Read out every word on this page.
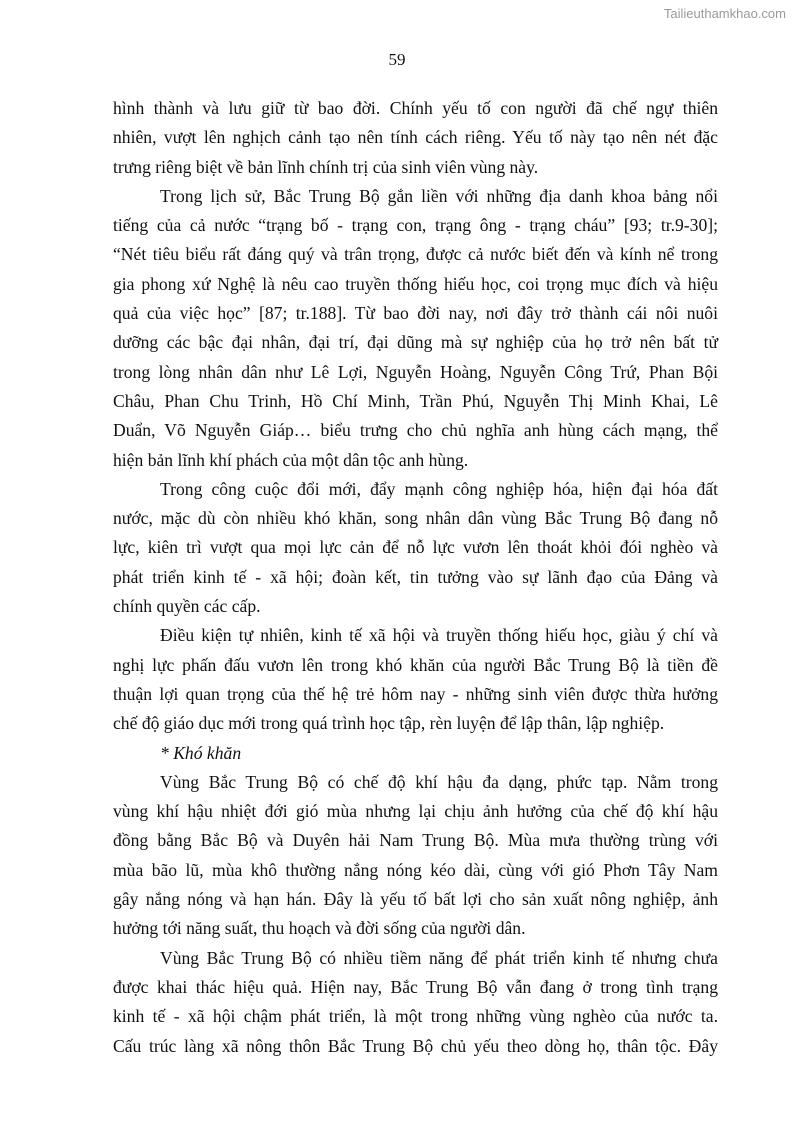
Tailieuthamkhao.com
59
hình thành và lưu giữ từ bao đời. Chính yếu tố con người đã chế ngự thiên
nhiên, vượt lên nghịch cảnh tạo nên tính cách riêng. Yếu tố này tạo nên nét đặc
trưng riêng biệt về bản lĩnh chính trị của sinh viên vùng này.
Trong lịch sử, Bắc Trung Bộ gắn liền với những địa danh khoa bảng nổi
tiếng của cả nước “trạng bố - trạng con, trạng ông - trạng cháu” [93; tr.9-30];
“Nét tiêu biểu rất đáng quý và trân trọng, được cả nước biết đến và kính nể trong
gia phong xứ Nghệ là nêu cao truyền thống hiếu học, coi trọng mục đích và hiệu
quả của việc học” [87; tr.188]. Từ bao đời nay, nơi đây trở thành cái nôi nuôi
dưỡng các bậc đại nhân, đại trí, đại dũng mà sự nghiệp của họ trở nên bất tử
trong lòng nhân dân như Lê Lợi, Nguyễn Hoàng, Nguyễn Công Trứ, Phan Bội
Châu, Phan Chu Trinh, Hồ Chí Minh, Trần Phú, Nguyễn Thị Minh Khai, Lê
Duẩn, Võ Nguyễn Giáp… biểu trưng cho chủ nghĩa anh hùng cách mạng, thể
hiện bản lĩnh khí phách của một dân tộc anh hùng.
Trong công cuộc đổi mới, đẩy mạnh công nghiệp hóa, hiện đại hóa đất
nước, mặc dù còn nhiều khó khăn, song nhân dân vùng Bắc Trung Bộ đang nỗ
lực, kiên trì vượt qua mọi lực cản để nỗ lực vươn lên thoát khỏi đói nghèo và
phát triển kinh tế - xã hội; đoàn kết, tin tưởng vào sự lãnh đạo của Đảng và
chính quyền các cấp.
Điều kiện tự nhiên, kinh tế xã hội và truyền thống hiếu học, giàu ý chí và
nghị lực phấn đấu vươn lên trong khó khăn của người Bắc Trung Bộ là tiền đề
thuận lợi quan trọng của thế hệ trẻ hôm nay - những sinh viên được thừa hưởng
chế độ giáo dục mới trong quá trình học tập, rèn luyện để lập thân, lập nghiệp.
* Khó khăn
Vùng Bắc Trung Bộ có chế độ khí hậu đa dạng, phức tạp. Nằm trong
vùng khí hậu nhiệt đới gió mùa nhưng lại chịu ảnh hưởng của chế độ khí hậu
đồng bằng Bắc Bộ và Duyên hải Nam Trung Bộ. Mùa mưa thường trùng với
mùa bão lũ, mùa khô thường nắng nóng kéo dài, cùng với gió Phơn Tây Nam
gây nắng nóng và hạn hán. Đây là yếu tố bất lợi cho sản xuất nông nghiệp, ảnh
hưởng tới năng suất, thu hoạch và đời sống của người dân.
Vùng Bắc Trung Bộ có nhiều tiềm năng để phát triển kinh tế nhưng chưa
được khai thác hiệu quả. Hiện nay, Bắc Trung Bộ vẫn đang ở trong tình trạng
kinh tế - xã hội chậm phát triển, là một trong những vùng nghèo của nước ta.
Cấu trúc làng xã nông thôn Bắc Trung Bộ chủ yếu theo dòng họ, thân tộc. Đây
